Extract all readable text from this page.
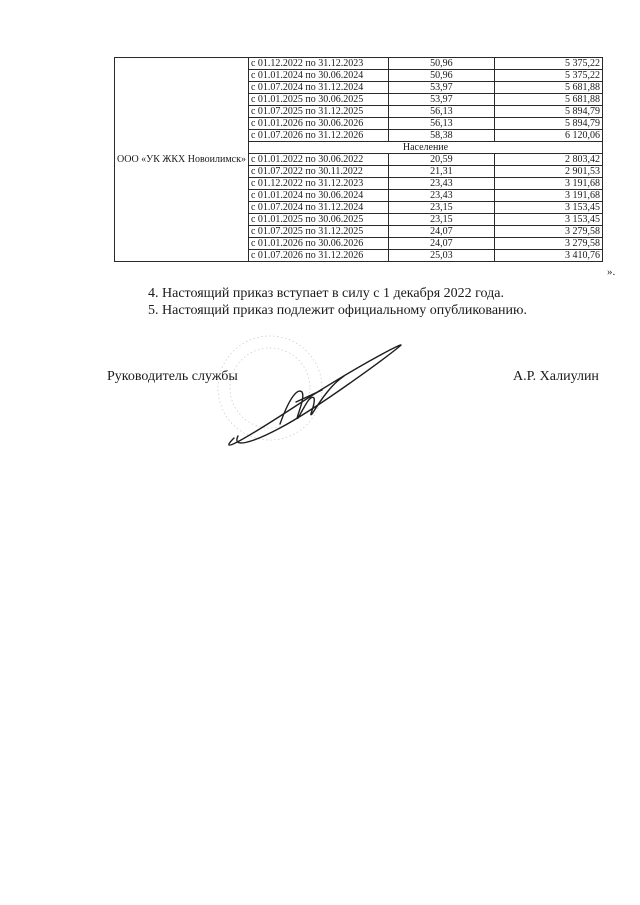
ООО «УК ЖКХ Новоилимск»	с 01.12.2022 по 31.12.2023	50,96	5 375,22
	с 01.01.2024 по 30.06.2024	50,96	5 375,22
	с 01.07.2024 по 31.12.2024	53,97	5 681,88
	с 01.01.2025 по 30.06.2025	53,97	5 681,88
	с 01.07.2025 по 31.12.2025	56,13	5 894,79
	с 01.01.2026 по 30.06.2026	56,13	5 894,79
	с 01.07.2026 по 31.12.2026	58,38	6 120,06
	Население		
	с 01.01.2022 по 30.06.2022	20,59	2 803,42
	с 01.07.2022 по 30.11.2022	21,31	2 901,53
	с 01.12.2022 по 31.12.2023	23,43	3 191,68
	с 01.01.2024 по 30.06.2024	23,43	3 191,68
	с 01.07.2024 по 31.12.2024	23,15	3 153,45
	с 01.01.2025 по 30.06.2025	23,15	3 153,45
	с 01.07.2025 по 31.12.2025	24,07	3 279,58
	с 01.01.2026 по 30.06.2026	24,07	3 279,58
	с 01.07.2026 по 31.12.2026	25,03	3 410,76
».
4. Настоящий приказ вступает в силу с 1 декабря 2022 года.
5. Настоящий приказ подлежит официальному опубликованию.
Руководитель службы	А.Р. Халиулин
